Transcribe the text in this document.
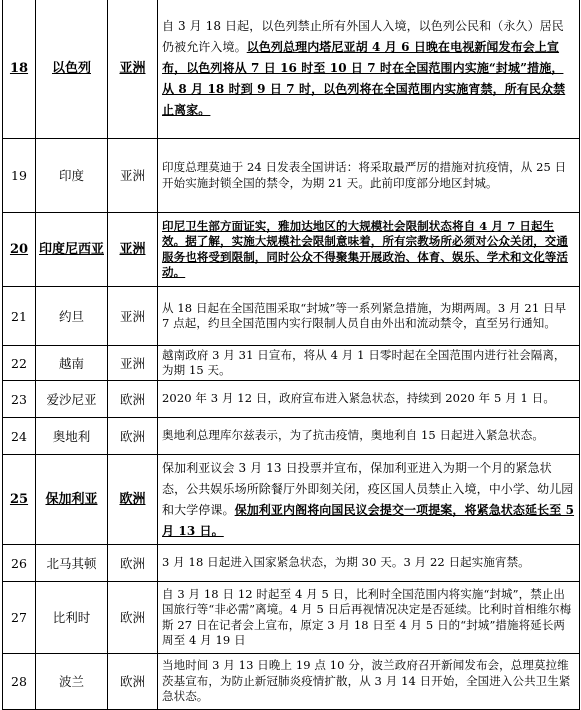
18	以色列	亚洲	自 3 月 18 日起，以色列禁止所有外国人入境，以色列公民和（永久）居民仍被允许入境。以色列总理内塔尼亚胡 4 月 6 日晚在电视新闻发布会上宣布，以色列将从 7 日 16 时至 10 日 7 时在全国范围内实施“封城”措施，从 8 月 18 时到 9 日 7 时，以色列将在全国范围内实施宵禁，所有民众禁止离家。
19	印度	亚洲	印度总理莫迪于 24 日发表全国讲话：将采取最严厉的措施对抗疫情，从 25 日开始实施封锁全国的禁令，为期 21 天。此前印度部分地区封城。
20	印度尼西亚	亚洲	印尼卫生部方面证实，雅加达地区的大规模社会限制状态将自 4 月 7 日起生效。据了解，实施大规模社会限制意味着，所有宗教场所必须对公众关闭，交通服务也将受到限制，同时公众不得聚集开展政治、体育、娱乐、学术和文化等活动。
21	约旦	亚洲	从 18 日起在全国范围采取“封城”等一系列紧急措施，为期两周。3 月 21 日早 7 点起，约旦全国范围内实行限制人员自由外出和流动禁令，直至另行通知。
22	越南	亚洲	越南政府 3 月 31 日宣布，将从 4 月 1 日零时起在全国范围内进行社会隔离，为期 15 天。
23	爱沙尼亚	欧洲	2020 年 3 月 12 日，政府宣布进入紧急状态，持续到 2020 年 5 月 1 日。
24	奥地利	欧洲	奥地利总理库尔兹表示，为了抗击疫情，奥地利自 15 日起进入紧急状态。
25	保加利亚	欧洲	保加利亚议会 3 月 13 日投票并宣布，保加利亚进入为期一个月的紧急状态，公共娱乐场所除餐厅外即刻关闭，疫区国人员禁止入境，中小学、幼儿园和大学停课。保加利亚内阁将向国民议会提交一项提案，将紧急状态延长至 5 月 13 日。
26	北马其顿	欧洲	3 月 18 日起进入国家紧急状态，为期 30 天。3 月 22 日起实施宵禁。
27	比利时	欧洲	自 3 月 18 日 12 时起至 4 月 5 日，比利时全国范围内将实施“封城”，禁止出国旅行等“非必需”离境。4 月 5 日后再视情况决定是否延续。比利时首相维尔梅斯 27 日在记者会上宣布，原定 3 月 18 日至 4 月 5 日的“封城”措施将延长两周至 4 月 19 日
28	波兰	欧洲	当地时间 3 月 13 日晚上 19 点 10 分，波兰政府召开新闻发布会，总理莫拉维茨基宣布，为防止新冠肺炎疫情扩散，从 3 月 14 日开始，全国进入公共卫生紧急状态。
